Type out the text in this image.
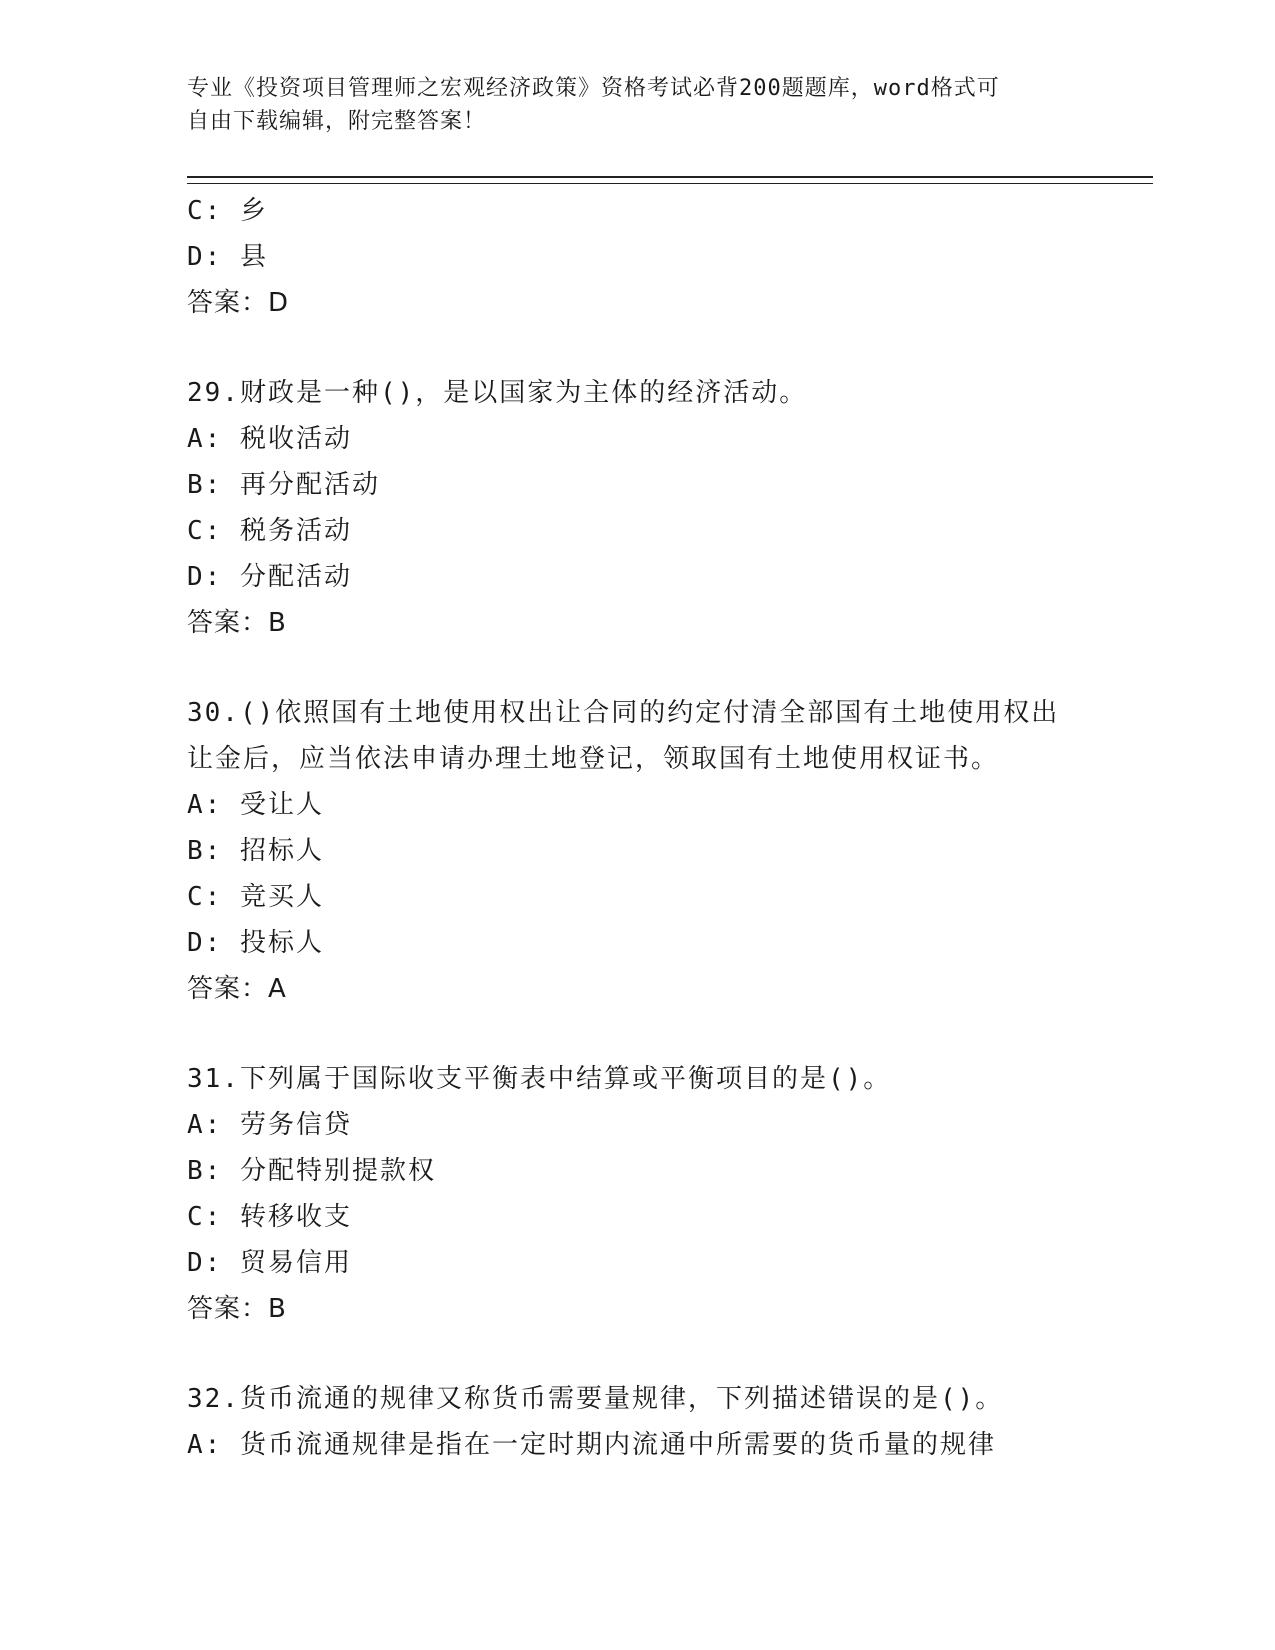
专业《投资项目管理师之宏观经济政策》资格考试必背200题题库，word格式可
自由下载编辑，附完整答案！
C: 乡
D: 县
答案：D
29.财政是一种()，是以国家为主体的经济活动。
A: 税收活动
B: 再分配活动
C: 税务活动
D: 分配活动
答案：B
30.()依照国有土地使用权出让合同的约定付清全部国有土地使用权出
让金后，应当依法申请办理土地登记，领取国有土地使用权证书。
A: 受让人
B: 招标人
C: 竞买人
D: 投标人
答案：A
31.下列属于国际收支平衡表中结算或平衡项目的是()。
A: 劳务信贷
B: 分配特别提款权
C: 转移收支
D: 贸易信用
答案：B
32.货币流通的规律又称货币需要量规律，下列描述错误的是()。
A: 货币流通规律是指在一定时期内流通中所需要的货币量的规律
